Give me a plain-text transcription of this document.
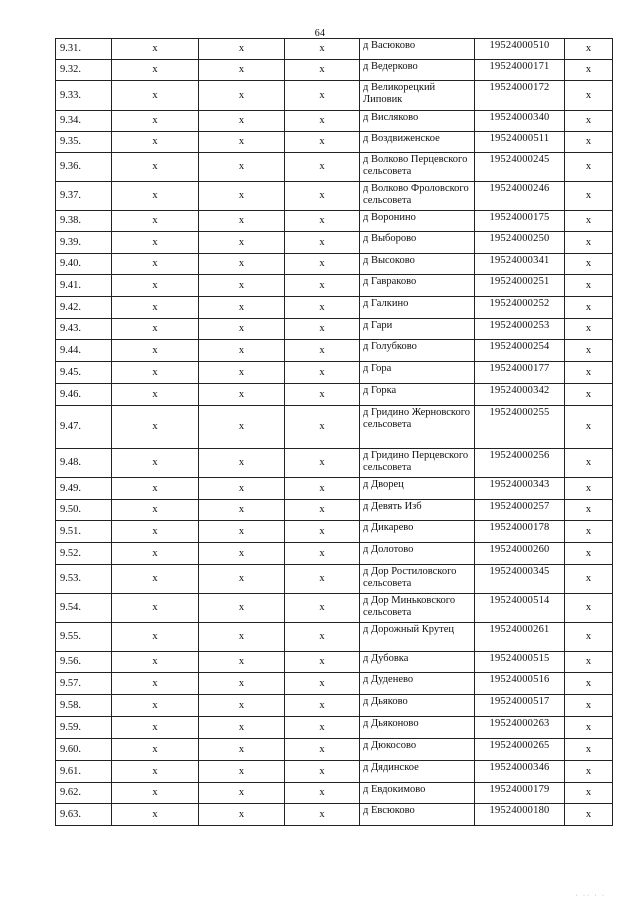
64
9.31.	x	x	x	д Васюково	19524000510	x
9.32.	x	x	x	д Ведерково	19524000171	x
9.33.	x	x	x	д Великорецкий Липовик	19524000172	x
9.34.	x	x	x	д Висляково	19524000340	x
9.35.	x	x	x	д Воздвиженское	19524000511	x
9.36.	x	x	x	д Волково Перцевского сельсовета	19524000245	x
9.37.	x	x	x	д Волково Фроловского сельсовета	19524000246	x
9.38.	x	x	x	д Воронино	19524000175	x
9.39.	x	x	x	д Выборово	19524000250	x
9.40.	x	x	x	д Высоково	19524000341	x
9.41.	x	x	x	д Гавраково	19524000251	x
9.42.	x	x	x	д Галкино	19524000252	x
9.43.	x	x	x	д Гари	19524000253	x
9.44.	x	x	x	д Голубково	19524000254	x
9.45.	x	x	x	д Гора	19524000177	x
9.46.	x	x	x	д Горка	19524000342	x
9.47.	x	x	x	д Гридино Жерновского сельсовета	19524000255	x
9.48.	x	x	x	д Гридино Перцевского сельсовета	19524000256	x
9.49.	x	x	x	д Дворец	19524000343	x
9.50.	x	x	x	д Девять Изб	19524000257	x
9.51.	x	x	x	д Дикарево	19524000178	x
9.52.	x	x	x	д Долотово	19524000260	x
9.53.	x	x	x	д Дор Ростиловского сельсовета	19524000345	x
9.54.	x	x	x	д Дор Миньковского сельсовета	19524000514	x
9.55.	x	x	x	д Дорожный Крутец	19524000261	x
9.56.	x	x	x	д Дубовка	19524000515	x
9.57.	x	x	x	д Дуденево	19524000516	x
9.58.	x	x	x	д Дьяково	19524000517	x
9.59.	x	x	x	д Дьяконово	19524000263	x
9.60.	x	x	x	д Дюкосово	19524000265	x
9.61.	x	x	x	д Дядинское	19524000346	x
9.62.	x	x	x	д Евдокимово	19524000179	x
9.63.	x	x	x	д Евсюково	19524000180	x
· ·· · ·
